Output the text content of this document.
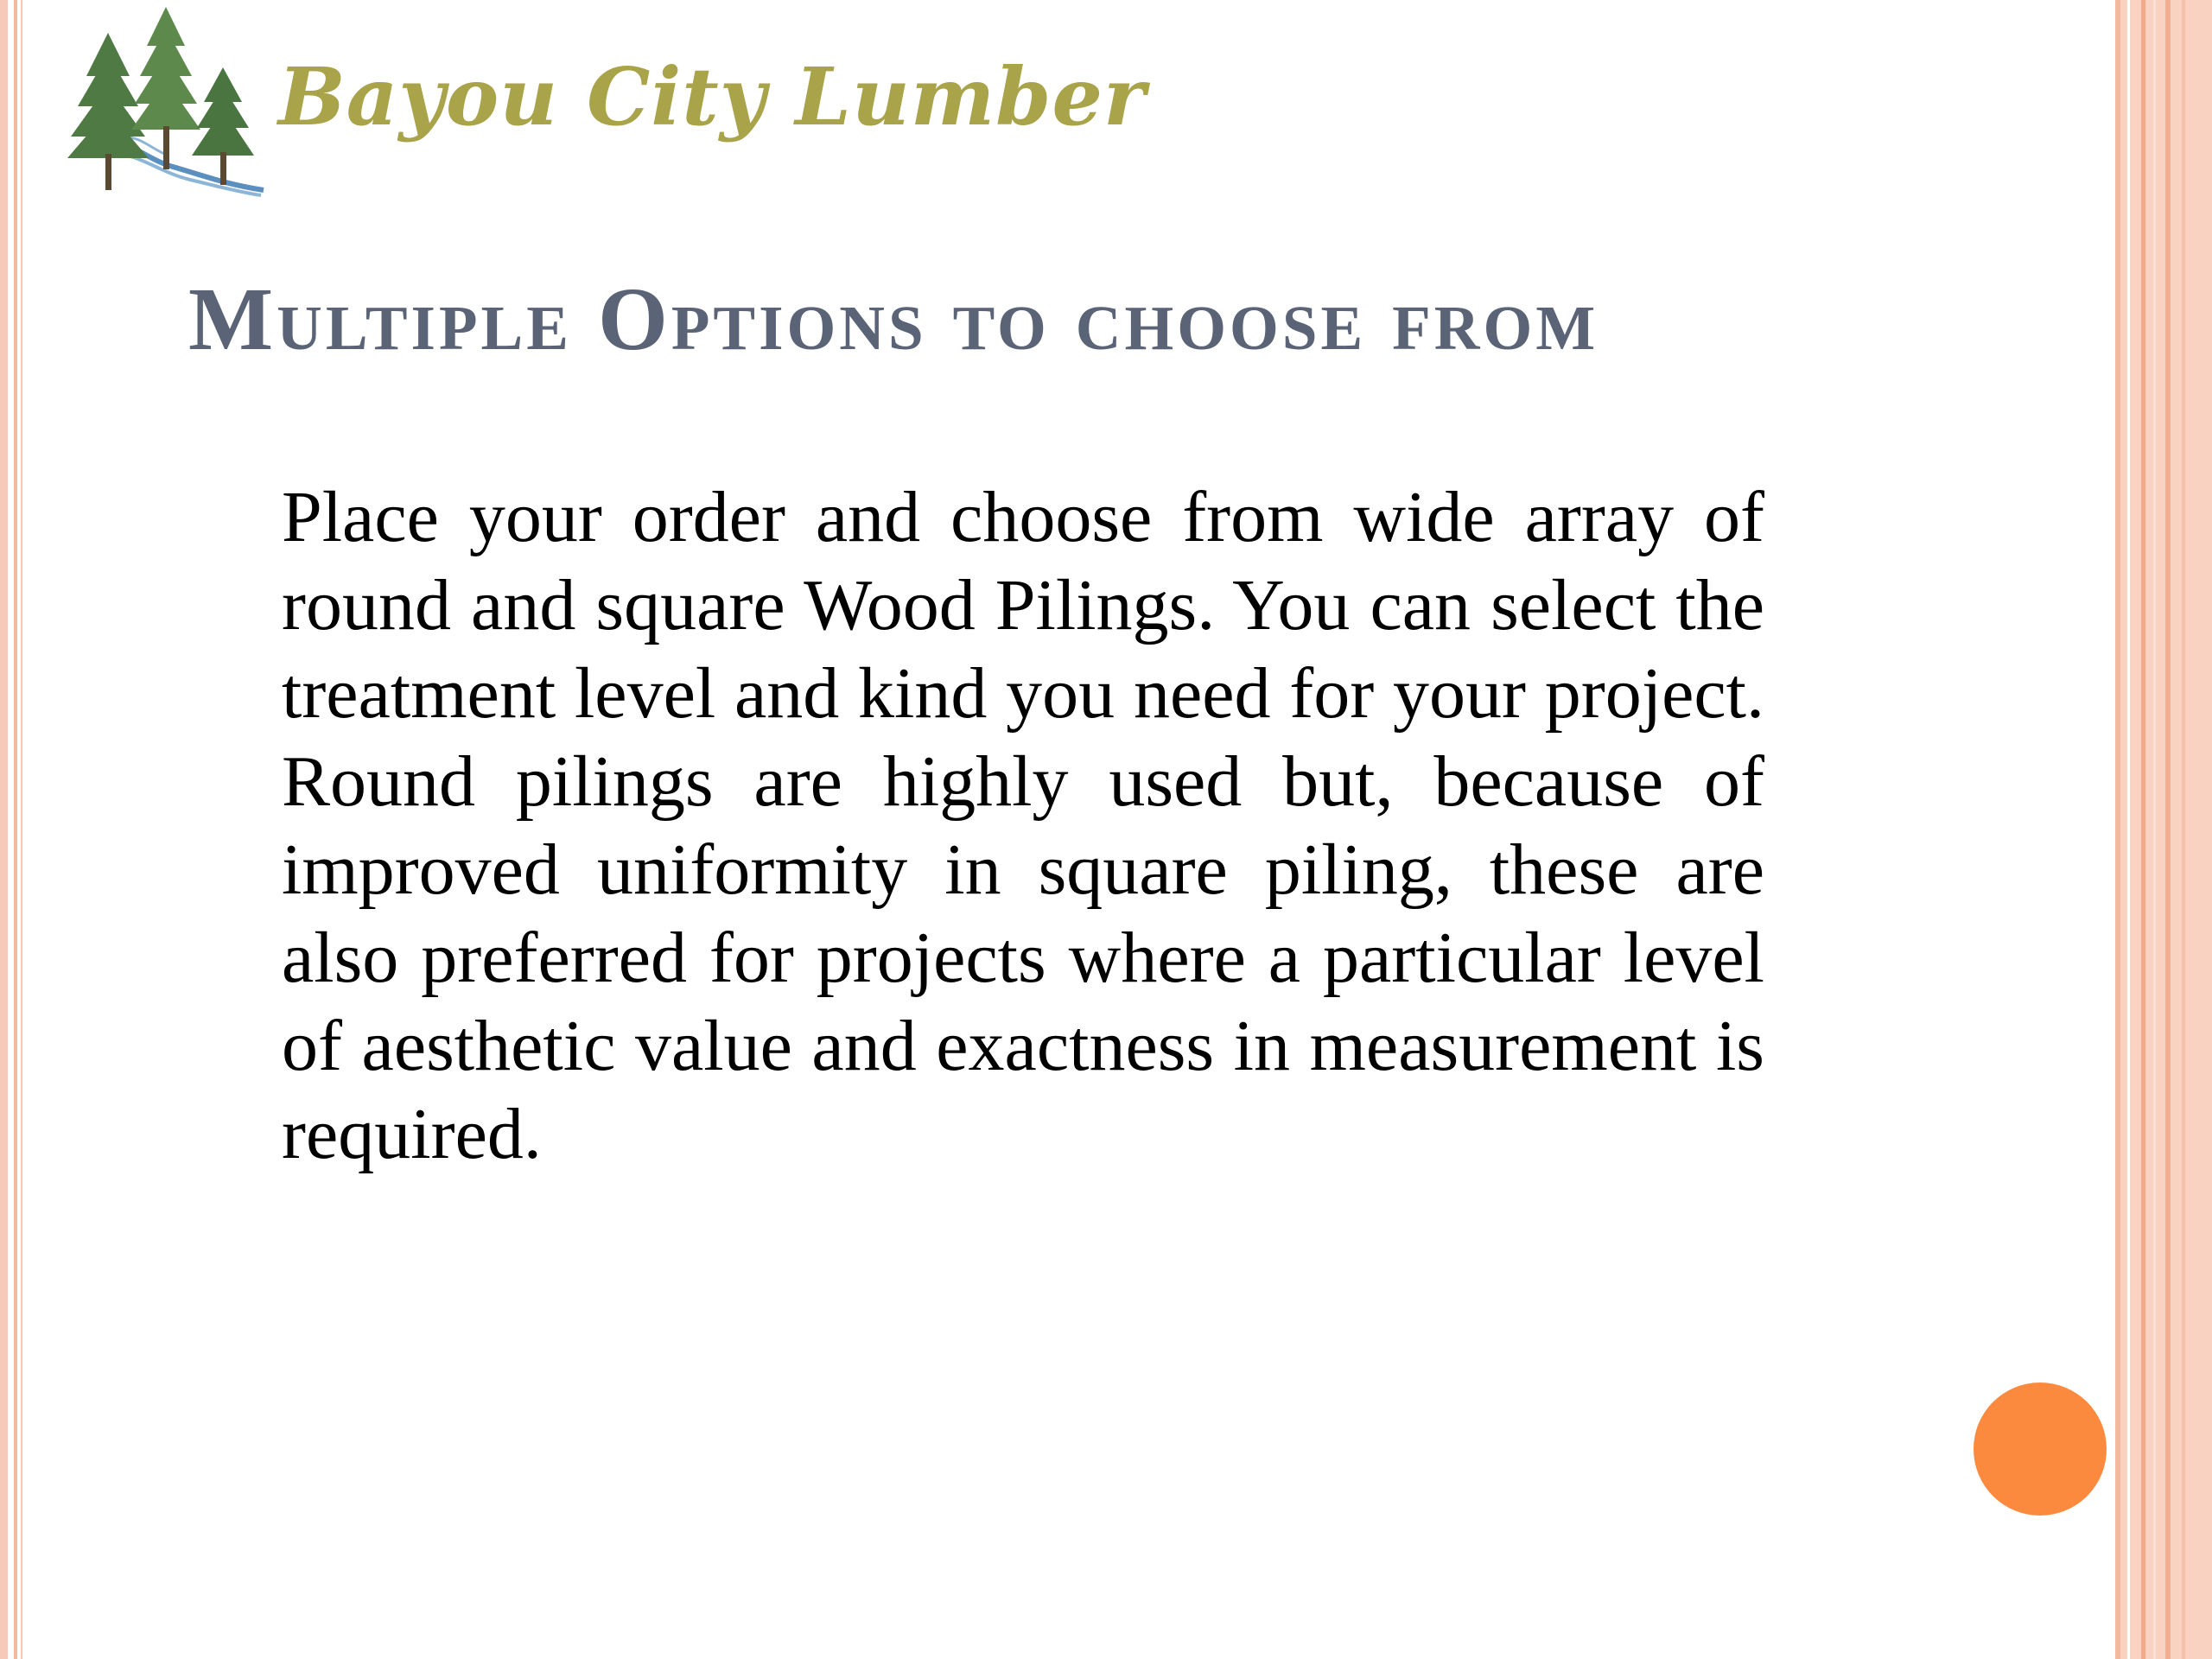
Bayou City Lumber
Multiple Options to choose from

Place your order and choose from wide array of round and square Wood Pilings. You can select the treatment level and kind you need for your project. Round pilings are highly used but, because of improved uniformity in square piling, these are also preferred for projects where a particular level of aesthetic value and exactness in measurement is required.
